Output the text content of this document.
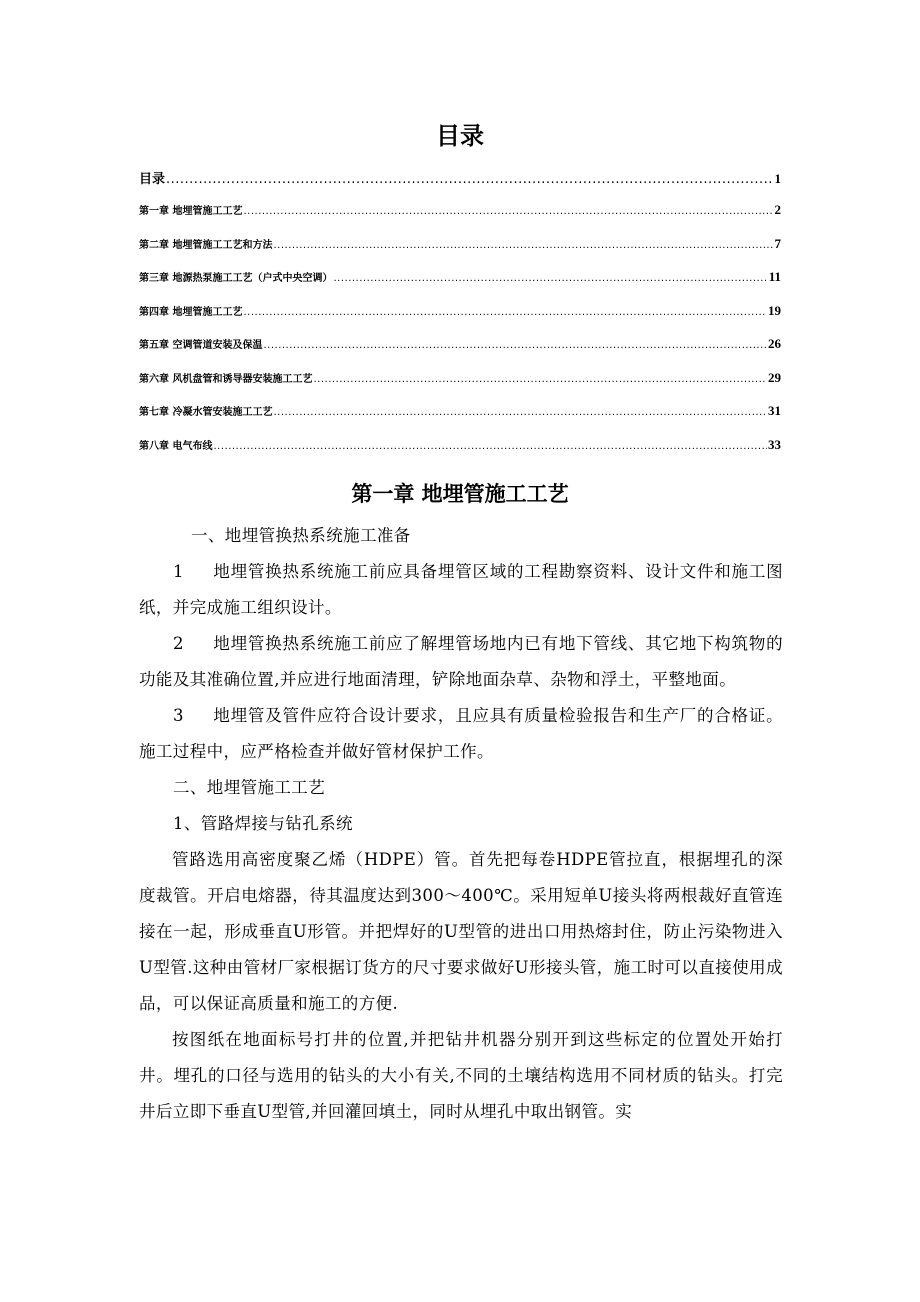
目录
目录 .....	1
第一章 地埋管施工工艺 .....	2
第二章 地埋管施工工艺和方法 .....	7
第三章 地源热泵施工工艺（户式中央空调） .....	11
第四章 地埋管施工工艺 .....	19
第五章 空调管道安装及保温 .....	26
第六章 风机盘管和诱导器安装施工工艺 .....	29
第七章 冷凝水管安装施工工艺 .....	31
第八章 电气布线 .....	33
第一章 地埋管施工工艺

一、地埋管换热系统施工准备

1 地埋管换热系统施工前应具备埋管区域的工程勘察资料、设计文件和施工图纸，并完成施工组织设计。

2 地埋管换热系统施工前应了解埋管场地内已有地下管线、其它地下构筑物的功能及其准确位置,并应进行地面清理，铲除地面杂草、杂物和浮土，平整地面。

3 地埋管及管件应符合设计要求，且应具有质量检验报告和生产厂的合格证。施工过程中，应严格检查并做好管材保护工作。

二、地埋管施工工艺

1、管路焊接与钻孔系统

管路选用高密度聚乙烯（HDPE）管。首先把每卷HDPE管拉直，根据埋孔的深度裁管。开启电熔器，待其温度达到300～400℃。采用短单U接头将两根裁好直管连接在一起，形成垂直U形管。并把焊好的U型管的进出口用热熔封住，防止污染物进入U型管.这种由管材厂家根据订货方的尺寸要求做好U形接头管，施工时可以直接使用成品，可以保证高质量和施工的方便.

按图纸在地面标号打井的位置,并把钻井机器分别开到这些标定的位置处开始打井。埋孔的口径与选用的钻头的大小有关,不同的土壤结构选用不同材质的钻头。打完井后立即下垂直U型管,并回灌回填土，同时从埋孔中取出钢管。实
